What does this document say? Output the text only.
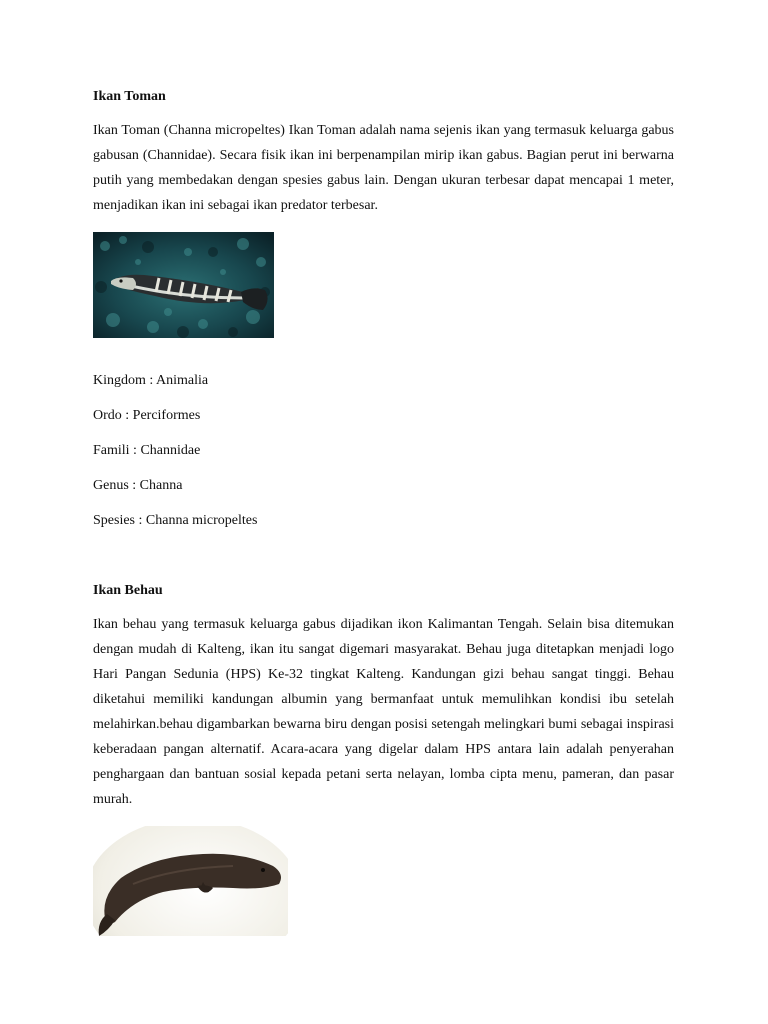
Ikan Toman
Ikan Toman (Channa micropeltes) Ikan Toman adalah nama sejenis ikan yang termasuk keluarga gabus gabusan (Channidae). Secara fisik ikan ini berpenampilan mirip ikan gabus. Bagian perut ini berwarna putih yang membedakan dengan spesies gabus lain. Dengan ukuran terbesar dapat mencapai 1 meter, menjadikan ikan ini sebagai ikan predator terbesar.
Kingdom : Animalia
Ordo : Perciformes
Famili : Channidae
Genus : Channa
Spesies : Channa micropeltes
Ikan Behau
Ikan behau yang termasuk keluarga gabus dijadikan ikon Kalimantan Tengah. Selain bisa ditemukan dengan mudah di Kalteng, ikan itu sangat digemari masyarakat. Behau juga ditetapkan menjadi logo Hari Pangan Sedunia (HPS) Ke-32 tingkat Kalteng. Kandungan gizi behau sangat tinggi. Behau diketahui memiliki kandungan albumin yang bermanfaat untuk memulihkan kondisi ibu setelah melahirkan.behau digambarkan bewarna biru dengan posisi setengah melingkari bumi sebagai inspirasi keberadaan pangan alternatif. Acara-acara yang digelar dalam HPS antara lain adalah penyerahan penghargaan dan bantuan sosial kepada petani serta nelayan, lomba cipta menu, pameran, dan pasar murah.
